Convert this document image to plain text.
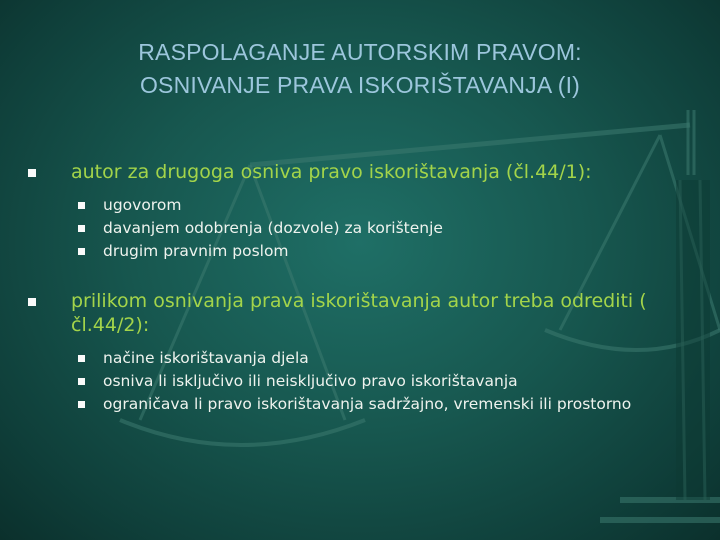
RASPOLAGANJE AUTORSKIM PRAVOM:
OSNIVANJE PRAVA ISKORIŠTAVANJA (I)
autor za drugoga osniva pravo iskorištavanja (čl.44/1):
ugovorom
davanjem odobrenja (dozvole) za korištenje
drugim pravnim poslom
prilikom osnivanja prava iskorištavanja autor treba odrediti ( čl.44/2):
načine iskorištavanja djela
osniva li isključivo ili neisključivo pravo iskorištavanja
ograničava li pravo iskorištavanja sadržajno, vremenski ili prostorno
